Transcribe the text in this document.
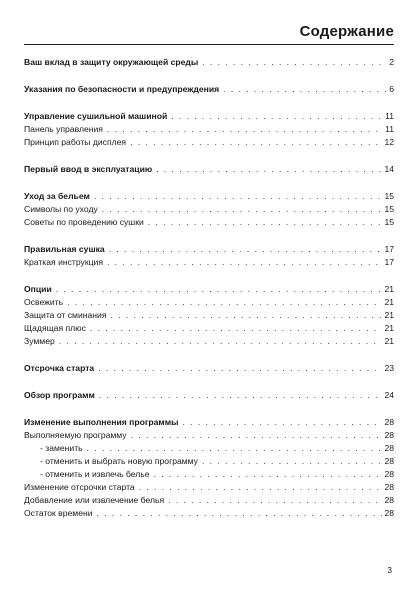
Содержание
Ваш вклад в защиту окружающей среды . . .	2
Указания по безопасности и предупреждения . . .	6
Управление сушильной машиной . . .	11
Панель управления . . .	11
Принцип работы дисплея . . .	12
Первый ввод в эксплуатацию . . .	14
Уход за бельем . . .	15
Символы по уходу . . .	15
Советы по проведению сушки . . .	15
Правильная сушка . . .	17
Краткая инструкция . . .	17
Опции . . .	21
Освежить . . .	21
Защита от сминания . . .	21
Щадящая плюс . . .	21
Зуммер . . .	21
Отсрочка старта . . .	23
Обзор программ . . .	24
Изменение выполнения программы . . .	28
Выполняемую программу . . .	28
- заменить . . .	28
- отменить и выбрать новую программу . . .	28
- отменить и извлечь белье . . .	28
Изменение отсрочки старта . . .	28
Добавление или извлечение белья . . .	28
Остаток времени . . .	28
3
